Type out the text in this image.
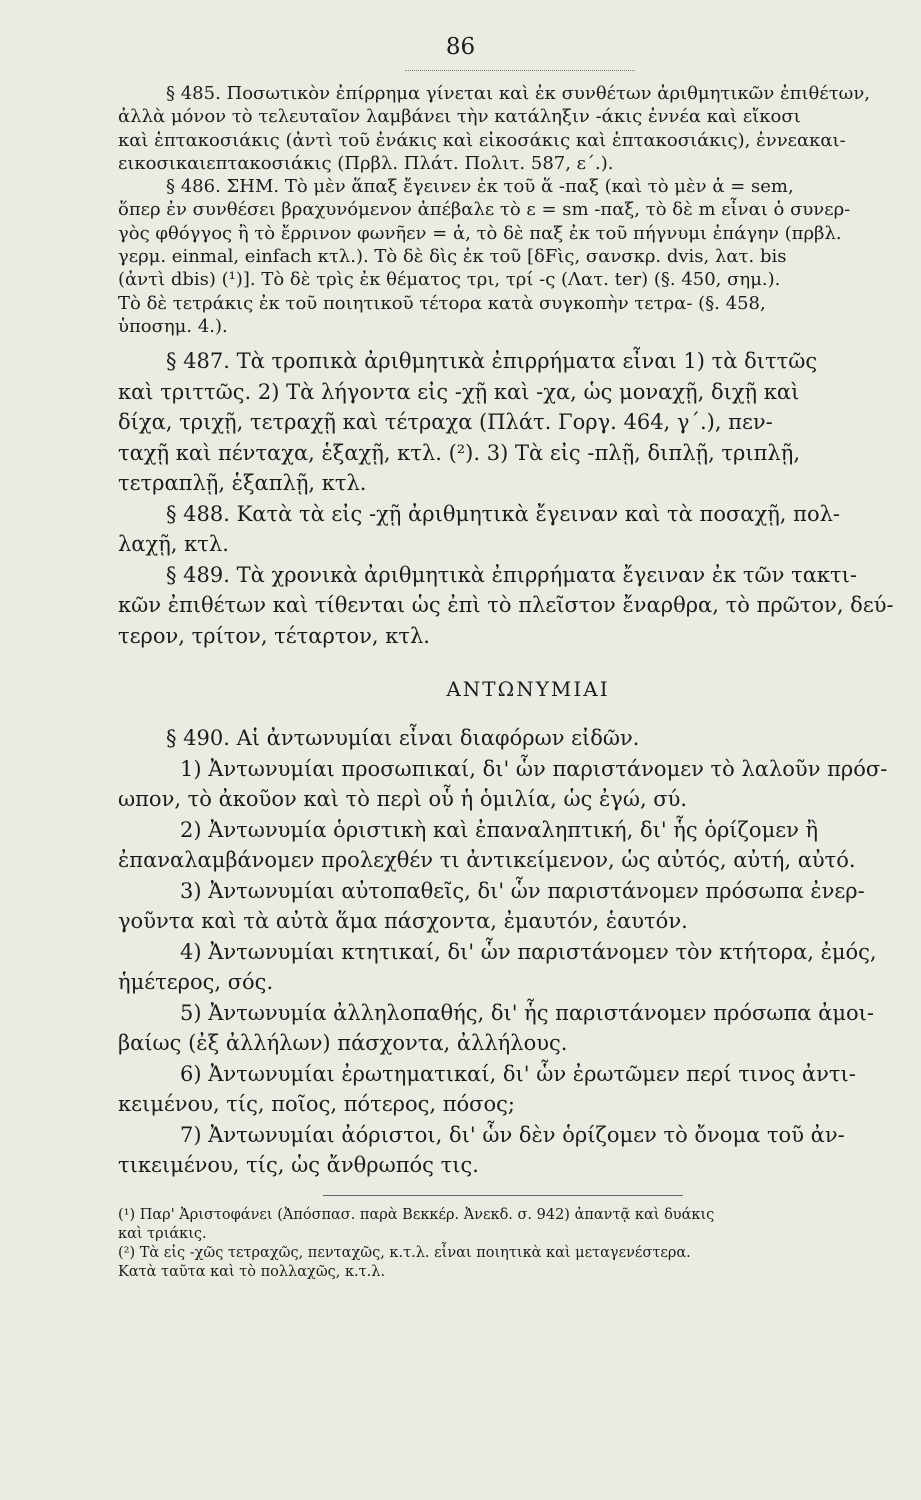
86
§ 485. Ποσωτικὸν ἐπίρρημα γίνεται καὶ ἐκ συνθέτων ἀριθμητικῶν ἐπιθέτων,
ἀλλὰ μόνον τὸ τελευταῖον λαμβάνει τὴν κατάληξιν -άκις ἐννέα καὶ εἴκοσι
καὶ ἑπτακοσιάκις (ἀντὶ τοῦ ἐνάκις καὶ εἰκοσάκις καὶ ἑπτακοσιάκις), ἐννεακαι-
εικοσικαιεπτακοσιάκις (Πρβλ. Πλάτ. Πολιτ. 587, ε΄.).
§ 486. ΣΗΜ. Τὸ μὲν ἅπαξ ἔγεινεν ἐκ τοῦ ἅ -παξ (καὶ τὸ μὲν ἁ = sem,
ὅπερ ἐν συνθέσει βραχυνόμενον ἀπέβαλε τὸ ε = sm -παξ, τὸ δὲ m εἶναι ὁ συνερ-
γὸς φθόγγος ἢ τὸ ἔρρινον φωνῆεν = ἁ, τὸ δὲ παξ ἐκ τοῦ πήγνυμι ἐπάγην (πρβλ.
γερμ. einmal, einfach κτλ.). Τὸ δὲ δὶς ἐκ τοῦ [δFὶς, σανσκρ. dvis, λατ. bis
(ἀντὶ dbis) (¹)]. Τὸ δὲ τρὶς ἐκ θέματος τρι, τρί -ς (Λατ. ter) (§. 450, σημ.).
Τὸ δὲ τετράκις ἐκ τοῦ ποιητικοῦ τέτορα κατὰ συγκοπὴν τετρα- (§. 458,
ὑποσημ. 4.).
§ 487. Τὰ τροπικὰ ἀριθμητικὰ ἐπιρρήματα εἶναι 1) τὰ διττῶς
καὶ τριττῶς. 2) Τὰ λήγοντα εἰς -χῇ καὶ -χα, ὡς μοναχῇ, διχῇ καὶ
δίχα, τριχῇ, τετραχῇ καὶ τέτραχα (Πλάτ. Γοργ. 464, γ΄.), πεν-
ταχῇ καὶ πένταχα, ἑξαχῇ, κτλ. (²). 3) Τὰ εἰς -πλῇ, διπλῇ, τριπλῇ,
τετραπλῇ, ἑξαπλῇ, κτλ.
§ 488. Κατὰ τὰ εἰς -χῇ ἀριθμητικὰ ἔγειναν καὶ τὰ ποσαχῇ, πολ-
λαχῇ, κτλ.
§ 489. Τὰ χρονικὰ ἀριθμητικὰ ἐπιρρήματα ἔγειναν ἐκ τῶν τακτι-
κῶν ἐπιθέτων καὶ τίθενται ὡς ἐπὶ τὸ πλεῖστον ἔναρθρα, τὸ πρῶτον, δεύ-
τερον, τρίτον, τέταρτον, κτλ.
ΑΝΤΩΝΥΜΙΑΙ
§ 490. Αἱ ἀντωνυμίαι εἶναι διαφόρων εἰδῶν.
1) Ἀντωνυμίαι προσωπικαί, δι' ὧν παριστάνομεν τὸ λαλοῦν πρόσ-
ωπον, τὸ ἀκοῦον καὶ τὸ περὶ οὗ ἡ ὁμιλία, ὡς ἐγώ, σύ.
2) Ἀντωνυμία ὁριστικὴ καὶ ἐπαναληπτική, δι' ἧς ὁρίζομεν ἢ
ἐπαναλαμβάνομεν προλεχθέν τι ἀντικείμενον, ὡς αὐτός, αὐτή, αὐτό.
3) Ἀντωνυμίαι αὐτοπαθεῖς, δι' ὧν παριστάνομεν πρόσωπα ἐνερ-
γοῦντα καὶ τὰ αὐτὰ ἅμα πάσχοντα, ἐμαυτόν, ἑαυτόν.
4) Ἀντωνυμίαι κτητικαί, δι' ὧν παριστάνομεν τὸν κτήτορα, ἐμός,
ἡμέτερος, σός.
5) Ἀντωνυμία ἀλληλοπαθής, δι' ἧς παριστάνομεν πρόσωπα ἀμοι-
βαίως (ἐξ ἀλλήλων) πάσχοντα, ἀλλήλους.
6) Ἀντωνυμίαι ἐρωτηματικαί, δι' ὧν ἐρωτῶμεν περί τινος ἀντι-
κειμένου, τίς, ποῖος, πότερος, πόσος;
7) Ἀντωνυμίαι ἀόριστοι, δι' ὧν δὲν ὁρίζομεν τὸ ὄνομα τοῦ ἀν-
τικειμένου, τίς, ὡς ἄνθρωπός τις.
(¹) Παρ' Ἀριστοφάνει (Ἀπόσπασ. παρὰ Βεκκέρ. Ἀνεκδ. σ. 942) ἀπαντᾷ καὶ δυάκις
καὶ τριάκις.
(²) Τὰ εἰς -χῶς τετραχῶς, πενταχῶς, κ.τ.λ. εἶναι ποιητικὰ καὶ μεταγενέστερα.
Κατὰ ταῦτα καὶ τὸ πολλαχῶς, κ.τ.λ.
